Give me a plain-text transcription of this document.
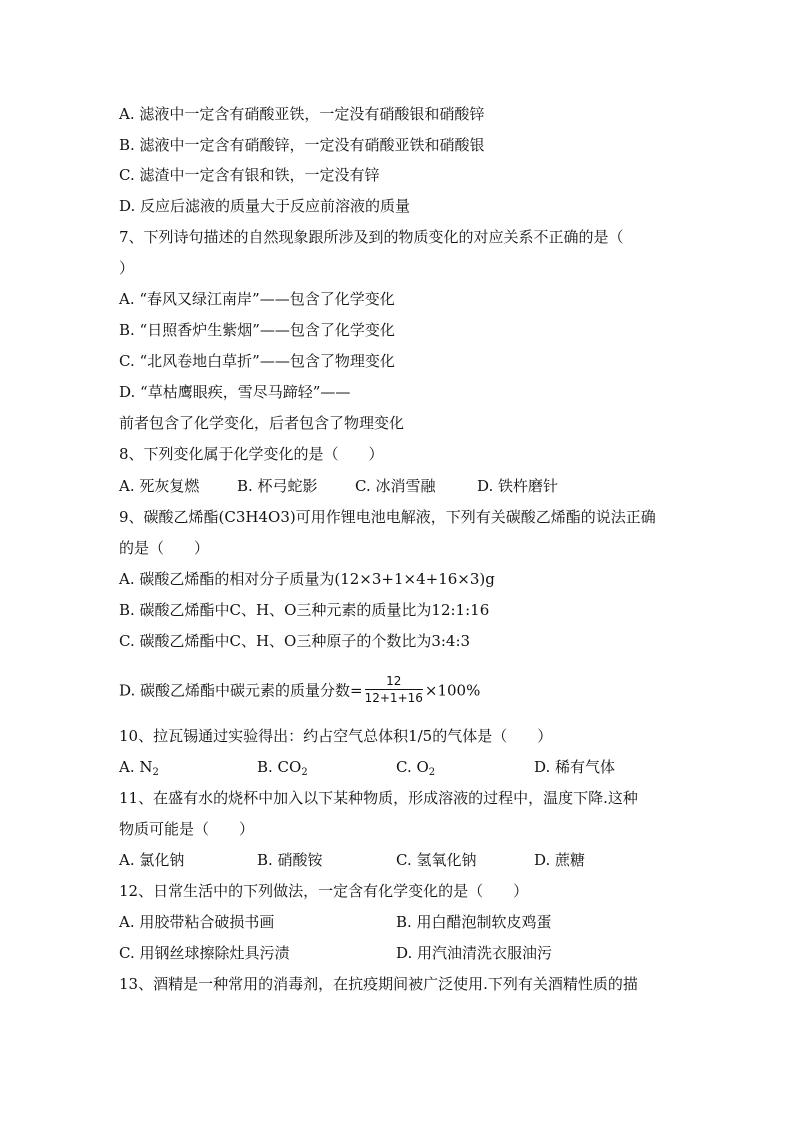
A. 滤液中一定含有硝酸亚铁，一定没有硝酸银和硝酸锌
B. 滤液中一定含有硝酸锌，一定没有硝酸亚铁和硝酸银
C. 滤渣中一定含有银和铁，一定没有锌
D. 反应后滤液的质量大于反应前溶液的质量
7、下列诗句描述的自然现象跟所涉及到的物质变化的对应关系不正确的是（
）
A. “春风又绿江南岸”——包含了化学变化
B. “日照香炉生紫烟”——包含了化学变化
C. “北风卷地白草折”——包含了物理变化
D. “草枯鹰眼疾，雪尽马蹄轻”——
前者包含了化学变化，后者包含了物理变化
8、下列变化属于化学变化的是（　　）
A. 死灰复燃	B. 杯弓蛇影 C. 冰消雪融	D. 铁杵磨针
9、碳酸乙烯酯(C3H4O3)可用作锂电池电解液，下列有关碳酸乙烯酯的说法正确
的是（　　）
A. 碳酸乙烯酯的相对分子质量为(12×3+1×4+16×3)g
B. 碳酸乙烯酯中C、H、O三种元素的质量比为12:1:16
C. 碳酸乙烯酯中C、H、O三种原子的个数比为3:4:3
D. 碳酸乙烯酯中碳元素的质量分数= $\frac{12}{12+1+16} \times 100\%$
10、拉瓦锡通过实验得出：约占空气总体积1/5的气体是（　　）
A. $N_2$	B. $CO_2$	C. $O_2$	D. 稀有气体
11、在盛有水的烧杯中加入以下某种物质，形成溶液的过程中，温度下降.这种
物质可能是（　　）
A. 氯化钠	B. 硝酸铵	C. 氢氧化钠	D. 蔗糖
12、日常生活中的下列做法，一定含有化学变化的是（　　）
A. 用胶带粘合破损书画	B. 用白醋泡制软皮鸡蛋
C. 用钢丝球擦除灶具污渍	D. 用汽油清洗衣服油污
13、酒精是一种常用的消毒剂，在抗疫期间被广泛使用.下列有关酒精性质的描
